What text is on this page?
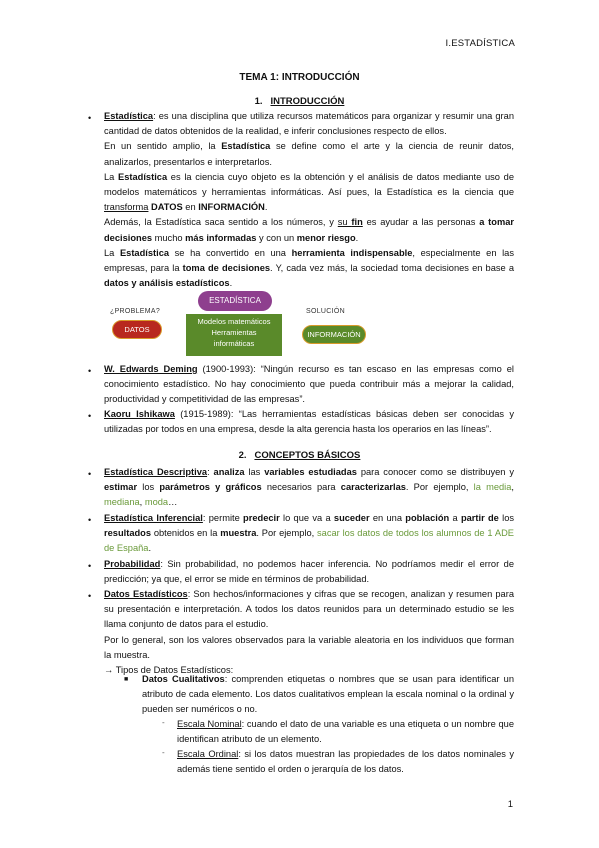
I.ESTADÍSTICA
TEMA 1: INTRODUCCIÓN
1. INTRODUCCIÓN
• Estadística: es una disciplina que utiliza recursos matemáticos para organizar y resumir una gran cantidad de datos obtenidos de la realidad, e inferir conclusiones respecto de ellos.

En un sentido amplio, la Estadística se define como el arte y la ciencia de reunir datos, analizarlos, presentarlos e interpretarlos.

La Estadística es la ciencia cuyo objeto es la obtención y el análisis de datos mediante uso de modelos matemáticos y herramientas informáticas. Así pues, la Estadística es la ciencia que transforma DATOS en INFORMACIÓN.

Además, la Estadística saca sentido a los números, y su fin es ayudar a las personas a tomar decisiones mucho más informadas y con un menor riesgo.

La Estadística se ha convertido en una herramienta indispensable, especialmente en las empresas, para la toma de decisiones. Y, cada vez más, la sociedad toma decisiones en base a datos y análisis estadísticos.

¿PROBLEMA?	SOLUCIÓN
DATOS
ESTADÍSTICA
Modelos matemáticos
Herramientas
informáticas
INFORMACIÓN
• W. Edwards Deming (1900-1993): “Ningún recurso es tan escaso en las empresas como el conocimiento estadístico. No hay conocimiento que pueda contribuir más a mejorar la calidad, productividad y competitividad de las empresas”.

• Kaoru Ishikawa (1915-1989): “Las herramientas estadísticas básicas deben ser conocidas y utilizadas por todos en una empresa, desde la alta gerencia hasta los operarios en las líneas”.

2. CONCEPTOS BÁSICOS
• Estadística Descriptiva: analiza las variables estudiadas para conocer como se distribuyen y estimar los parámetros y gráficos necesarios para caracterizarlas. Por ejemplo, la media, mediana, moda…

• Estadística Inferencial: permite predecir lo que va a suceder en una población a partir de los resultados obtenidos en la muestra. Por ejemplo, sacar los datos de todos los alumnos de 1 ADE de España.

• Probabilidad: Sin probabilidad, no podemos hacer inferencia. No podríamos medir el error de predicción; ya que, el error se mide en términos de probabilidad.

• Datos Estadísticos: Son hechos/informaciones y cifras que se recogen, analizan y resumen para su presentación e interpretación. A todos los datos reunidos para un determinado estudio se les llama conjunto de datos para el estudio.

Por lo general, son los valores observados para la variable aleatoria en los individuos que forman la muestra.

→ Tipos de Datos Estadísticos:

■ Datos Cualitativos: comprenden etiquetas o nombres que se usan para identificar un atributo de cada elemento. Los datos cualitativos emplean la escala nominal o la ordinal y pueden ser numéricos o no.
- Escala Nominal: cuando el dato de una variable es una etiqueta o un nombre que identifican atributo de un elemento.
- Escala Ordinal: si los datos muestran las propiedades de los datos nominales y además tiene sentido el orden o jerarquía de los datos.
1
